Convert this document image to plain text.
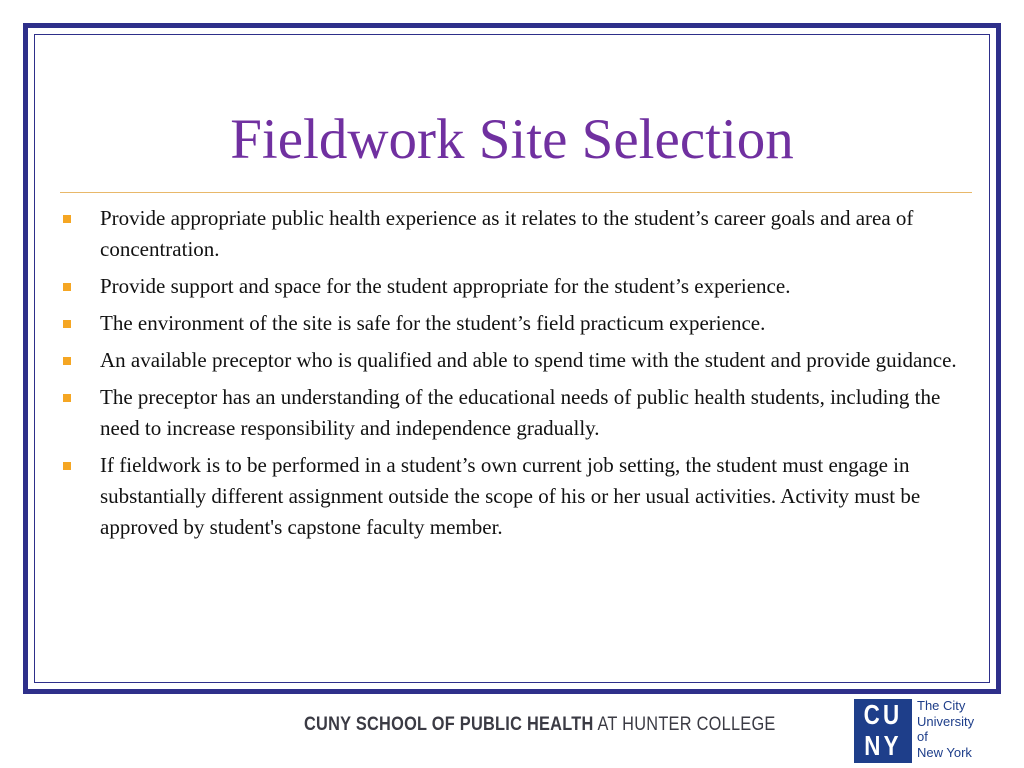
Fieldwork Site Selection
Provide appropriate public health experience as it relates to the student’s career goals and area of concentration.
Provide support and space for the student appropriate for the student’s experience.
The environment of the site is safe for the student’s field practicum experience.
An available preceptor who is qualified and able to spend time with the student and provide guidance.
The preceptor has an understanding of the educational needs of public health students, including the need to increase responsibility and independence gradually.
If fieldwork is to be performed in a student’s own current job setting, the student must engage in substantially different assignment outside the scope of his or her usual activities. Activity must be approved by student's capstone faculty member.
CUNY SCHOOL OF PUBLIC HEALTH AT HUNTER COLLEGE	CU
NY
The City
University
of
New York
